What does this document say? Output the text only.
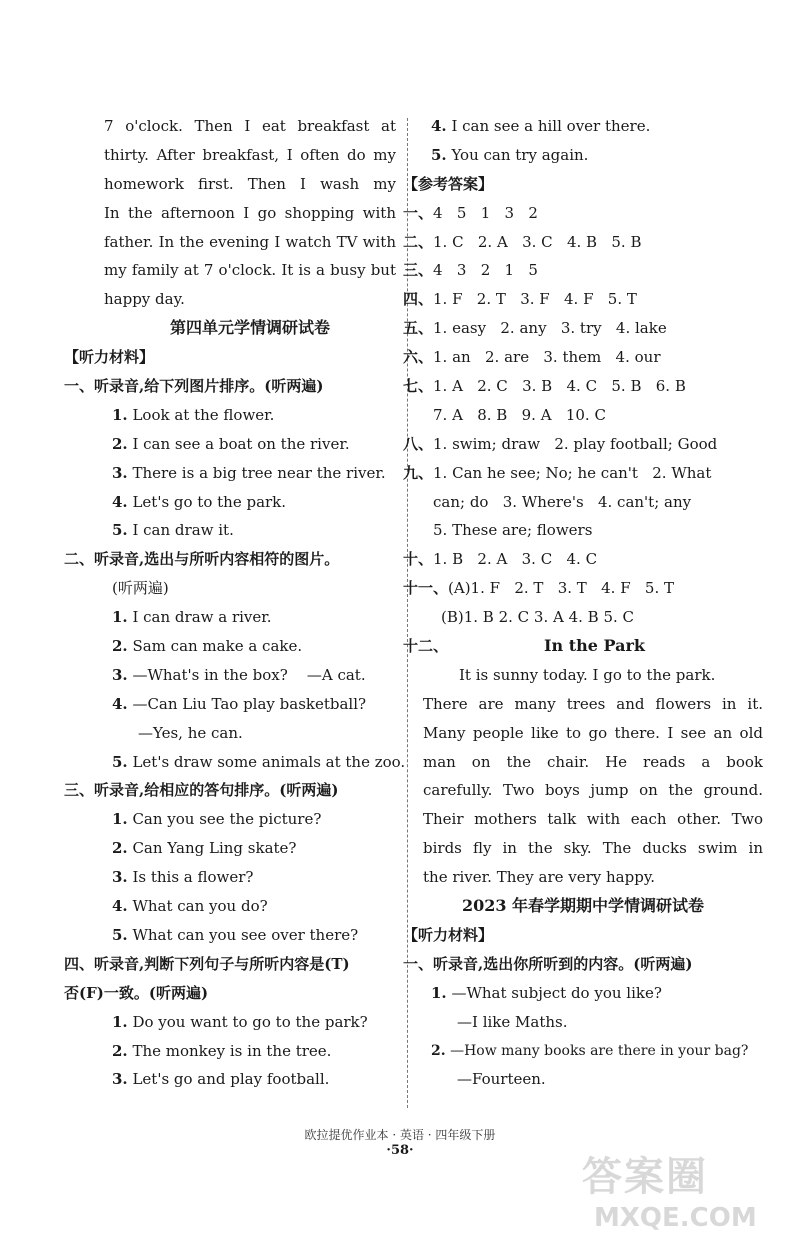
7 o'clock. Then I eat breakfast at
thirty. After breakfast, I often do my
homework first. Then I wash my
In the afternoon I go shopping with
father. In the evening I watch TV with
my family at 7 o'clock. It is a busy but
happy day.
第四单元学情调研试卷
【听力材料】
一、听录音,给下列图片排序。(听两遍)
1. Look at the flower.
2. I can see a boat on the river.
3. There is a big tree near the river.
4. Let's go to the park.
5. I can draw it.
二、听录音,选出与所听内容相符的图片。
(听两遍)
1. I can draw a river.
2. Sam can make a cake.
3. —What's in the box?    —A cat.
4. —Can Liu Tao play basketball?
—Yes, he can.
5. Let's draw some animals at the zoo.
三、听录音,给相应的答句排序。(听两遍)
1. Can you see the picture?
2. Can Yang Ling skate?
3. Is this a flower?
4. What can you do?
5. What can you see over there?
四、听录音,判断下列句子与所听内容是(T)
否(F)一致。(听两遍)
1. Do you want to go to the park?
2. The monkey is in the tree.
3. Let's go and play football.
4. I can see a hill over there.
5. You can try again.
【参考答案】
一、4   5   1   3   2
二、1. C   2. A   3. C   4. B   5. B
三、4   3   2   1   5
四、1. F   2. T   3. F   4. F   5. T
五、1. easy   2. any   3. try   4. lake
六、1. an   2. are   3. them   4. our
七、1. A   2. C   3. B   4. C   5. B   6. B
7. A   8. B   9. A   10. C
八、1. swim; draw   2. play football; Good
九、1. Can he see; No; he can't   2. What
can; do   3. Where's   4. can't; any
5. These are; flowers
十、1. B   2. A   3. C   4. C
十一、(A)1. F   2. T   3. T   4. F   5. T
(B)1. B 2. C 3. A 4. B 5. C
十二、	In the Park
It is sunny today. I go to the park.
There are many trees and flowers in it.
Many people like to go there. I see an old
man on the chair. He reads a book
carefully. Two boys jump on the ground.
Their mothers talk with each other. Two
birds fly in the sky. The ducks swim in
the river. They are very happy.
2023 年春学期期中学情调研试卷
【听力材料】
一、听录音,选出你所听到的内容。(听两遍)
1. —What subject do you like?
—I like Maths.
2. —How many books are there in your bag?
—Fourteen.
欧拉提优作业本 · 英语 · 四年级下册
·58·
答案圈
MXQE.COM
